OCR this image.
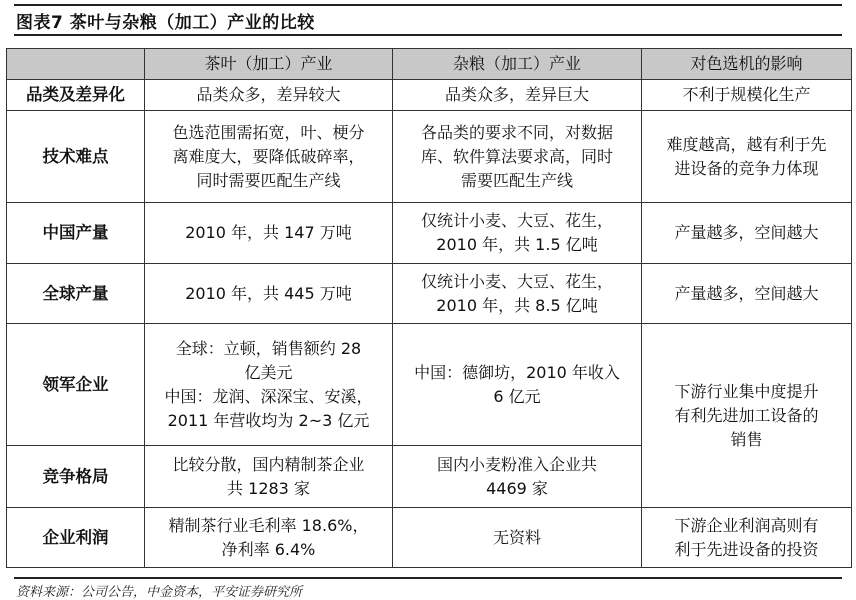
图表7 茶叶与杂粮（加工）产业的比较
	茶叶（加工）产业	杂粮（加工）产业	对色选机的影响
品类及差异化	品类众多，差异较大	品类众多，差异巨大	不利于规模化生产

技术难点	色选范围需拓宽，叶、梗分
离难度大，要降低破碎率，
同时需要匹配生产线	各品类的要求不同，对数据
库、软件算法要求高，同时
需要匹配生产线	难度越高，越有利于先
进设备的竞争力体现

中国产量	2010 年，共 147 万吨	仅统计小麦、大豆、花生，
2010 年，共 1.5 亿吨	产量越多，空间越大

全球产量	2010 年，共 445 万吨	仅统计小麦、大豆、花生，
2010 年，共 8.5 亿吨	产量越多，空间越大

领军企业	全球：立顿，销售额约 28
亿美元
中国：龙润、深深宝、安溪，
2011 年营收均为 2~3 亿元	中国：德御坊，2010 年收入
6 亿元	下游行业集中度提升
有利先进加工设备的
销售

竞争格局	比较分散，国内精制茶企业
共 1283 家	国内小麦粉准入企业共
4469 家	

企业利润	精制茶行业毛利率 18.6%，
净利率 6.4%	无资料	下游企业利润高则有
利于先进设备的投资
资料来源：公司公告，中金资本，平安证券研究所
